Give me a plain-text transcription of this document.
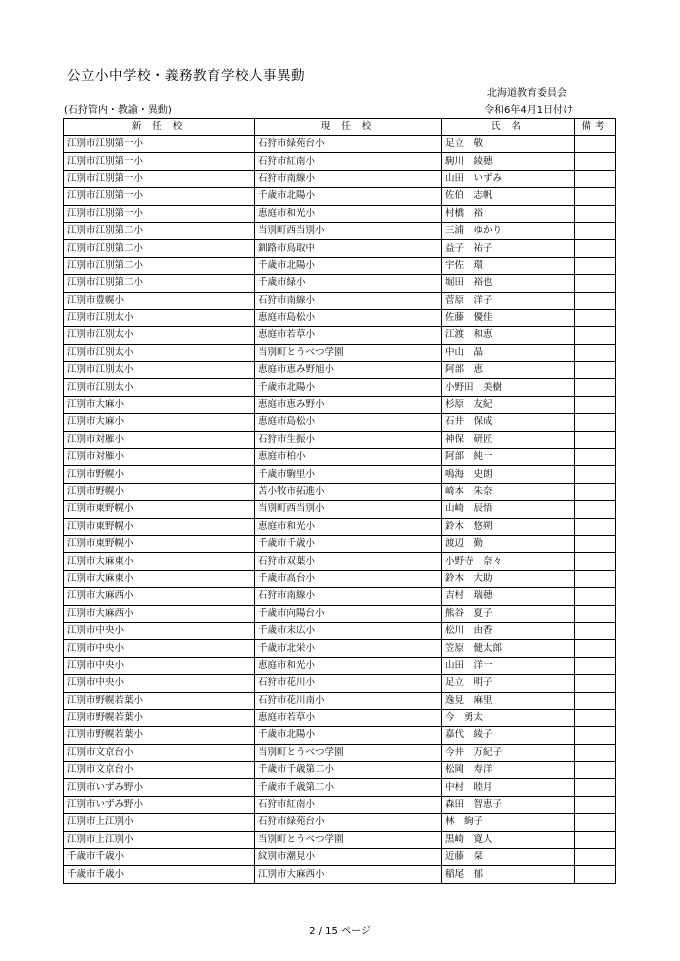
公立小中学校・義務教育学校人事異動
北海道教育委員会
(石狩管内・教諭・異動)	令和6年4月1日付け
新 任 校	現 任 校	氏 名	備考
江別市江別第一小	石狩市緑苑台小	足立　敬	
江別市江別第一小	石狩市紅南小	駒川　綾穂	
江別市江別第一小	石狩市南線小	山田　いずみ	
江別市江別第一小	千歳市北陽小	佐伯　志帆	
江別市江別第一小	恵庭市和光小	村橋　裕	
江別市江別第二小	当別町西当別小	三浦　ゆかり	
江別市江別第二小	釧路市鳥取中	益子　祐子	
江別市江別第二小	千歳市北陽小	宇佐　環	
江別市江別第二小	千歳市緑小	堀田　裕也	
江別市豊幌小	石狩市南線小	菅原　洋子	
江別市江別太小	恵庭市島松小	佐藤　優佳	
江別市江別太小	恵庭市若草小	江渡　和恵	
江別市江別太小	当別町とうべつ学園	中山　晶	
江別市江別太小	恵庭市恵み野旭小	阿部　恵	
江別市江別太小	千歳市北陽小	小野田　美樹	
江別市大麻小	恵庭市恵み野小	杉原　友紀	
江別市大麻小	恵庭市島松小	石井　保成	
江別市対雁小	石狩市生振小	神保　研匠	
江別市対雁小	恵庭市柏小	阿部　純一	
江別市野幌小	千歳市駒里小	鳴海　史朗	
江別市野幌小	苫小牧市拓進小	崎本　朱奈	
江別市東野幌小	当別町西当別小	山崎　辰悟	
江別市東野幌小	恵庭市和光小	鈴木　悠朔	
江別市東野幌小	千歳市千歳小	渡辺　勤	
江別市大麻東小	石狩市双葉小	小野寺　奈々	
江別市大麻東小	千歳市高台小	鈴木　大助	
江別市大麻西小	石狩市南線小	吉村　瑞穂	
江別市大麻西小	千歳市向陽台小	熊谷　夏子	
江別市中央小	千歳市末広小	松川　由香	
江別市中央小	千歳市北栄小	笠原　健太郎	
江別市中央小	恵庭市和光小	山田　洋一	
江別市中央小	石狩市花川小	足立　明子	
江別市野幌若葉小	石狩市花川南小	逸見　麻里	
江別市野幌若葉小	恵庭市若草小	今　勇太	
江別市野幌若葉小	千歳市北陽小	嘉代　綾子	
江別市文京台小	当別町とうべつ学園	今井　万紀子	
江別市文京台小	千歳市千歳第二小	松岡　寿洋	
江別市いずみ野小	千歳市千歳第二小	中村　睦月	
江別市いずみ野小	石狩市紅南小	森田　智恵子	
江別市上江別小	石狩市緑苑台小	林　絢子	
江別市上江別小	当別町とうべつ学園	黒崎　寛人	
千歳市千歳小	紋別市潮見小	近藤　栞	
千歳市千歳小	江別市大麻西小	稲尾　郁	
2 / 15 ページ
